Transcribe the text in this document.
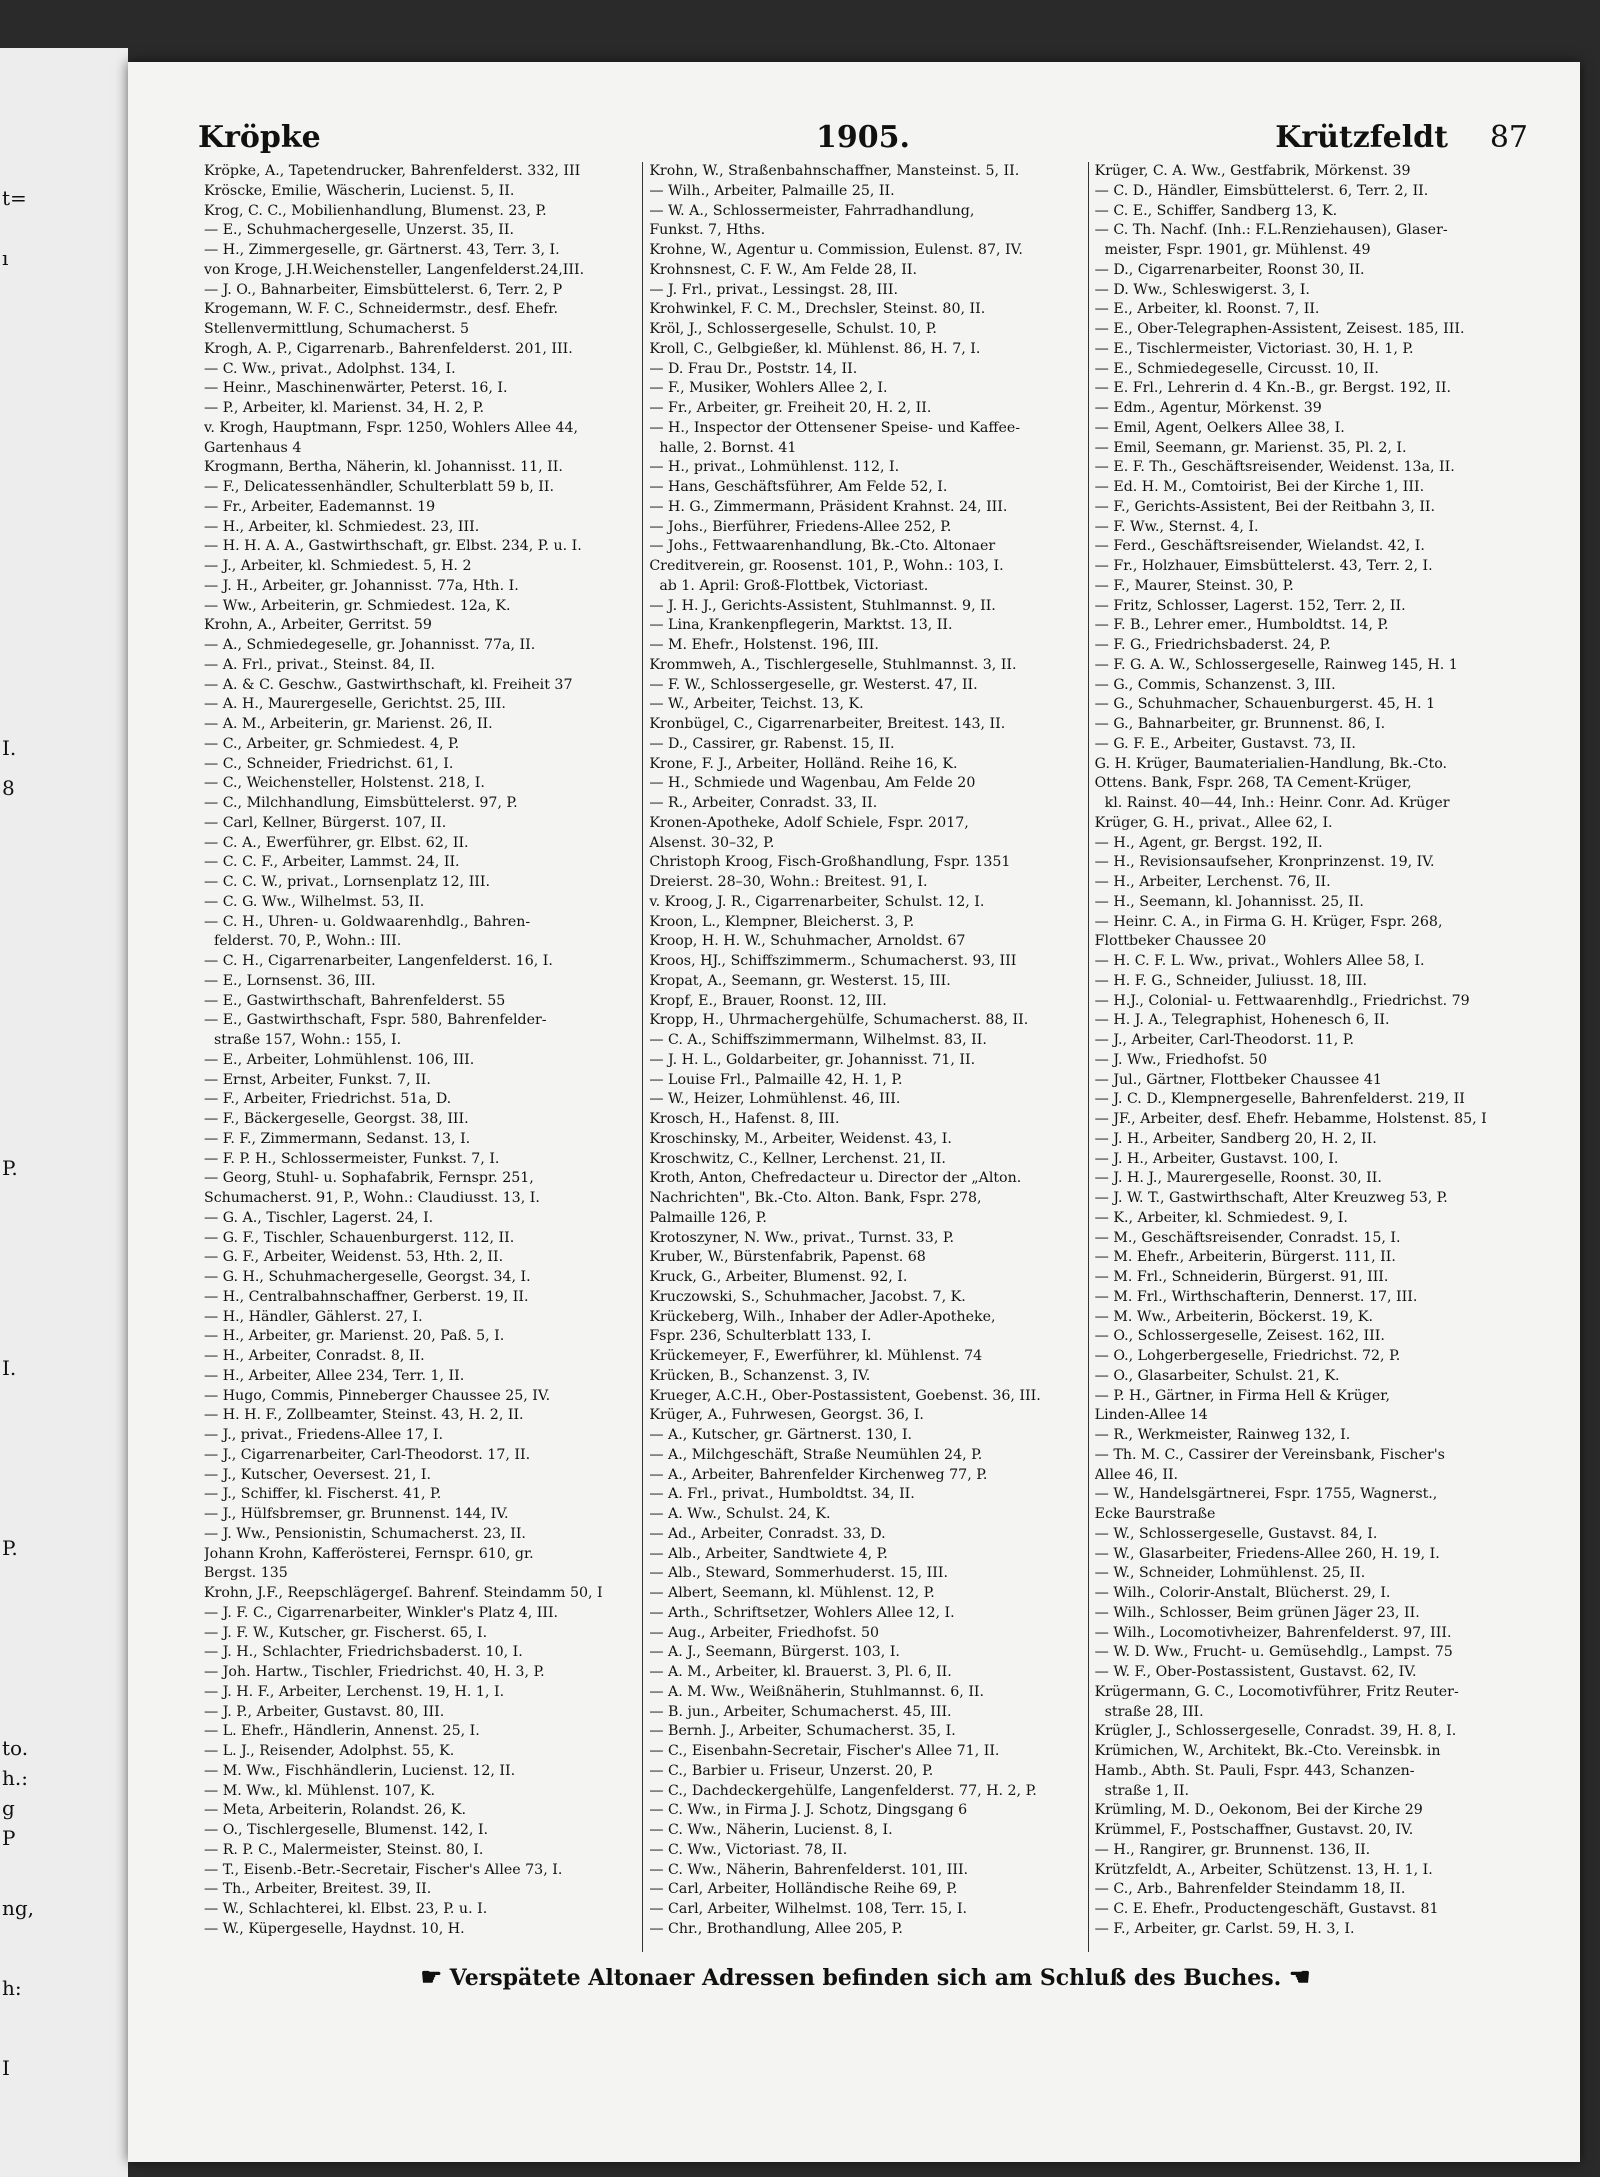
t=
ı
I.
8
P.
I.
P.
to.
h.:
g
P
ng,
h:
I
Kröpke	1905.	Krützfeldt 87
Kröpke, A., Tapetendrucker, Bahrenfelderst. 332, III
Kröscke, Emilie, Wäscherin, Lucienst. 5, II.
Krog, C. C., Mobilienhandlung, Blumenst. 23, P.
— E., Schuhmachergeselle, Unzerst. 35, II.
— H., Zimmergeselle, gr. Gärtnerst. 43, Terr. 3, I.
von Kroge, J.H.Weichensteller, Langenfelderst.24,III.
— J. O., Bahnarbeiter, Eimsbüttelerst. 6, Terr. 2, P
Krogemann, W. F. C., Schneidermstr., desf. Ehefr.
Stellenvermittlung, Schumacherst. 5
Krogh, A. P., Cigarrenarb., Bahrenfelderst. 201, III.
— C. Ww., privat., Adolphst. 134, I.
— Heinr., Maschinenwärter, Peterst. 16, I.
— P., Arbeiter, kl. Marienst. 34, H. 2, P.
v. Krogh, Hauptmann, Fspr. 1250, Wohlers Allee 44,
Gartenhaus 4
Krogmann, Bertha, Näherin, kl. Johannisst. 11, II.
— F., Delicatessenhändler, Schulterblatt 59 b, II.
— Fr., Arbeiter, Eademannst. 19
— H., Arbeiter, kl. Schmiedest. 23, III.
— H. H. A. A., Gastwirthschaft, gr. Elbst. 234, P. u. I.
— J., Arbeiter, kl. Schmiedest. 5, H. 2
— J. H., Arbeiter, gr. Johannisst. 77a, Hth. I.
— Ww., Arbeiterin, gr. Schmiedest. 12a, K.
Krohn, A., Arbeiter, Gerritst. 59
— A., Schmiedegeselle, gr. Johannisst. 77a, II.
— A. Frl., privat., Steinst. 84, II.
— A. & C. Geschw., Gastwirthschaft, kl. Freiheit 37
— A. H., Maurergeselle, Gerichtst. 25, III.
— A. M., Arbeiterin, gr. Marienst. 26, II.
— C., Arbeiter, gr. Schmiedest. 4, P.
— C., Schneider, Friedrichst. 61, I.
— C., Weichensteller, Holstenst. 218, I.
— C., Milchhandlung, Eimsbüttelerst. 97, P.
— Carl, Kellner, Bürgerst. 107, II.
— C. A., Ewerführer, gr. Elbst. 62, II.
— C. C. F., Arbeiter, Lammst. 24, II.
— C. C. W., privat., Lornsenplatz 12, III.
— C. G. Ww., Wilhelmst. 53, II.
— C. H., Uhren- u. Goldwaarenhdlg., Bahren-
felderst. 70, P., Wohn.: III.
— C. H., Cigarrenarbeiter, Langenfelderst. 16, I.
— E., Lornsenst. 36, III.
— E., Gastwirthschaft, Bahrenfelderst. 55
— E., Gastwirthschaft, Fspr. 580, Bahrenfelder-
straße 157, Wohn.: 155, I.
— E., Arbeiter, Lohmühlenst. 106, III.
— Ernst, Arbeiter, Funkst. 7, II.
— F., Arbeiter, Friedrichst. 51a, D.
— F., Bäckergeselle, Georgst. 38, III.
— F. F., Zimmermann, Sedanst. 13, I.
— F. P. H., Schlossermeister, Funkst. 7, I.
— Georg, Stuhl- u. Sophafabrik, Fernspr. 251,
Schumacherst. 91, P., Wohn.: Claudiusst. 13, I.
— G. A., Tischler, Lagerst. 24, I.
— G. F., Tischler, Schauenburgerst. 112, II.
— G. F., Arbeiter, Weidenst. 53, Hth. 2, II.
— G. H., Schuhmachergeselle, Georgst. 34, I.
— H., Centralbahnschaffner, Gerberst. 19, II.
— H., Händler, Gählerst. 27, I.
— H., Arbeiter, gr. Marienst. 20, Paß. 5, I.
— H., Arbeiter, Conradst. 8, II.
— H., Arbeiter, Allee 234, Terr. 1, II.
— Hugo, Commis, Pinneberger Chaussee 25, IV.
— H. H. F., Zollbeamter, Steinst. 43, H. 2, II.
— J., privat., Friedens-Allee 17, I.
— J., Cigarrenarbeiter, Carl-Theodorst. 17, II.
— J., Kutscher, Oeversest. 21, I.
— J., Schiffer, kl. Fischerst. 41, P.
— J., Hülfsbremser, gr. Brunnenst. 144, IV.
— J. Ww., Pensionistin, Schumacherst. 23, II.
Johann Krohn, Kafferösterei, Fernspr. 610, gr.
Bergst. 135
Krohn, J.F., Reepschlägergeſ. Bahrenf. Steindamm 50, I
— J. F. C., Cigarrenarbeiter, Winkler's Platz 4, III.
— J. F. W., Kutscher, gr. Fischerst. 65, I.
— J. H., Schlachter, Friedrichsbaderst. 10, I.
— Joh. Hartw., Tischler, Friedrichst. 40, H. 3, P.
— J. H. F., Arbeiter, Lerchenst. 19, H. 1, I.
— J. P., Arbeiter, Gustavst. 80, III.
— L. Ehefr., Händlerin, Annenst. 25, I.
— L. J., Reisender, Adolphst. 55, K.
— M. Ww., Fischhändlerin, Lucienst. 12, II.
— M. Ww., kl. Mühlenst. 107, K.
— Meta, Arbeiterin, Rolandst. 26, K.
— O., Tischlergeselle, Blumenst. 142, I.
— R. P. C., Malermeister, Steinst. 80, I.
— T., Eisenb.-Betr.-Secretair, Fischer's Allee 73, I.
— Th., Arbeiter, Breitest. 39, II.
— W., Schlachterei, kl. Elbst. 23, P. u. I.
— W., Küpergeselle, Haydnst. 10, H.
Krohn, W., Straßenbahnschaffner, Mansteinst. 5, II.
— Wilh., Arbeiter, Palmaille 25, II.
— W. A., Schlossermeister, Fahrradhandlung,
Funkst. 7, Hths.
Krohne, W., Agentur u. Commission, Eulenst. 87, IV.
Krohnsnest, C. F. W., Am Felde 28, II.
— J. Frl., privat., Lessingst. 28, III.
Krohwinkel, F. C. M., Drechsler, Steinst. 80, II.
Kröl, J., Schlossergeselle, Schulst. 10, P.
Kroll, C., Gelbgießer, kl. Mühlenst. 86, H. 7, I.
— D. Frau Dr., Poststr. 14, II.
— F., Musiker, Wohlers Allee 2, I.
— Fr., Arbeiter, gr. Freiheit 20, H. 2, II.
— H., Inspector der Ottensener Speise- und Kaffee-
halle, 2. Bornst. 41
— H., privat., Lohmühlenst. 112, I.
— Hans, Geschäftsführer, Am Felde 52, I.
— H. G., Zimmermann, Präsident Krahnst. 24, III.
— Johs., Bierführer, Friedens-Allee 252, P.
— Johs., Fettwaarenhandlung, Bk.-Cto. Altonaer
Creditverein, gr. Roosenst. 101, P., Wohn.: 103, I.
ab 1. April: Groß-Flottbek, Victoriast.
— J. H. J., Gerichts-Assistent, Stuhlmannst. 9, II.
— Lina, Krankenpflegerin, Marktst. 13, II.
— M. Ehefr., Holstenst. 196, III.
Krommweh, A., Tischlergeselle, Stuhlmannst. 3, II.
— F. W., Schlossergeselle, gr. Westerst. 47, II.
— W., Arbeiter, Teichst. 13, K.
Kronbügel, C., Cigarrenarbeiter, Breitest. 143, II.
— D., Cassirer, gr. Rabenst. 15, II.
Krone, F. J., Arbeiter, Holländ. Reihe 16, K.
— H., Schmiede und Wagenbau, Am Felde 20
— R., Arbeiter, Conradst. 33, II.
Kronen-Apotheke, Adolf Schiele, Fspr. 2017,
Alsenst. 30–32, P.
Christoph Kroog, Fisch-Großhandlung, Fspr. 1351
Dreierst. 28–30, Wohn.: Breitest. 91, I.
v. Kroog, J. R., Cigarrenarbeiter, Schulst. 12, I.
Kroon, L., Klempner, Bleicherst. 3, P.
Kroop, H. H. W., Schuhmacher, Arnoldst. 67
Kroos, HJ., Schiffszimmerm., Schumacherst. 93, III
Kropat, A., Seemann, gr. Westerst. 15, III.
Kropf, E., Brauer, Roonst. 12, III.
Kropp, H., Uhrmachergehülfe, Schumacherst. 88, II.
— C. A., Schiffszimmermann, Wilhelmst. 83, II.
— J. H. L., Goldarbeiter, gr. Johannisst. 71, II.
— Louise Frl., Palmaille 42, H. 1, P.
— W., Heizer, Lohmühlenst. 46, III.
Krosch, H., Hafenst. 8, III.
Kroschinsky, M., Arbeiter, Weidenst. 43, I.
Kroschwitz, C., Kellner, Lerchenst. 21, II.
Kroth, Anton, Chefredacteur u. Director der „Alton.
Nachrichten", Bk.-Cto. Alton. Bank, Fspr. 278,
Palmaille 126, P.
Krotoszyner, N. Ww., privat., Turnst. 33, P.
Kruber, W., Bürstenfabrik, Papenst. 68
Kruck, G., Arbeiter, Blumenst. 92, I.
Kruczowski, S., Schuhmacher, Jacobst. 7, K.
Krückeberg, Wilh., Inhaber der Adler-Apotheke,
Fspr. 236, Schulterblatt 133, I.
Krückemeyer, F., Ewerführer, kl. Mühlenst. 74
Krücken, B., Schanzenst. 3, IV.
Krueger, A.C.H., Ober-Postassistent, Goebenst. 36, III.
Krüger, A., Fuhrwesen, Georgst. 36, I.
— A., Kutscher, gr. Gärtnerst. 130, I.
— A., Milchgeschäft, Straße Neumühlen 24, P.
— A., Arbeiter, Bahrenfelder Kirchenweg 77, P.
— A. Frl., privat., Humboldtst. 34, II.
— A. Ww., Schulst. 24, K.
— Ad., Arbeiter, Conradst. 33, D.
— Alb., Arbeiter, Sandtwiete 4, P.
— Alb., Steward, Sommerhuderst. 15, III.
— Albert, Seemann, kl. Mühlenst. 12, P.
— Arth., Schriftsetzer, Wohlers Allee 12, I.
— Aug., Arbeiter, Friedhofst. 50
— A. J., Seemann, Bürgerst. 103, I.
— A. M., Arbeiter, kl. Brauerst. 3, Pl. 6, II.
— A. M. Ww., Weißnäherin, Stuhlmannst. 6, II.
— B. jun., Arbeiter, Schumacherst. 45, III.
— Bernh. J., Arbeiter, Schumacherst. 35, I.
— C., Eisenbahn-Secretair, Fischer's Allee 71, II.
— C., Barbier u. Friseur, Unzerst. 20, P.
— C., Dachdeckergehülfe, Langenfelderst. 77, H. 2, P.
— C. Ww., in Firma J. J. Schotz, Dingsgang 6
— C. Ww., Näherin, Lucienst. 8, I.
— C. Ww., Victoriast. 78, II.
— C. Ww., Näherin, Bahrenfelderst. 101, III.
— Carl, Arbeiter, Holländische Reihe 69, P.
— Carl, Arbeiter, Wilhelmst. 108, Terr. 15, I.
— Chr., Brothandlung, Allee 205, P.
Krüger, C. A. Ww., Gestfabrik, Mörkenst. 39
— C. D., Händler, Eimsbüttelerst. 6, Terr. 2, II.
— C. E., Schiffer, Sandberg 13, K.
— C. Th. Nachf. (Inh.: F.L.Renziehausen), Glaser-
meister, Fspr. 1901, gr. Mühlenst. 49
— D., Cigarrenarbeiter, Roonst 30, II.
— D. Ww., Schleswigerst. 3, I.
— E., Arbeiter, kl. Roonst. 7, II.
— E., Ober-Telegraphen-Assistent, Zeisest. 185, III.
— E., Tischlermeister, Victoriast. 30, H. 1, P.
— E., Schmiedegeselle, Circusst. 10, II.
— E. Frl., Lehrerin d. 4 Kn.-B., gr. Bergst. 192, II.
— Edm., Agentur, Mörkenst. 39
— Emil, Agent, Oelkers Allee 38, I.
— Emil, Seemann, gr. Marienst. 35, Pl. 2, I.
— E. F. Th., Geschäftsreisender, Weidenst. 13a, II.
— Ed. H. M., Comtoirist, Bei der Kirche 1, III.
— F., Gerichts-Assistent, Bei der Reitbahn 3, II.
— F. Ww., Sternst. 4, I.
— Ferd., Geschäftsreisender, Wielandst. 42, I.
— Fr., Holzhauer, Eimsbüttelerst. 43, Terr. 2, I.
— F., Maurer, Steinst. 30, P.
— Fritz, Schlosser, Lagerst. 152, Terr. 2, II.
— F. B., Lehrer emer., Humboldtst. 14, P.
— F. G., Friedrichsbaderst. 24, P.
— F. G. A. W., Schlossergeselle, Rainweg 145, H. 1
— G., Commis, Schanzenst. 3, III.
— G., Schuhmacher, Schauenburgerst. 45, H. 1
— G., Bahnarbeiter, gr. Brunnenst. 86, I.
— G. F. E., Arbeiter, Gustavst. 73, II.
G. H. Krüger, Baumaterialien-Handlung, Bk.-Cto.
Ottens. Bank, Fspr. 268, TA Cement-Krüger,
kl. Rainst. 40—44, Inh.: Heinr. Conr. Ad. Krüger
Krüger, G. H., privat., Allee 62, I.
— H., Agent, gr. Bergst. 192, II.
— H., Revisionsaufseher, Kronprinzenst. 19, IV.
— H., Arbeiter, Lerchenst. 76, II.
— H., Seemann, kl. Johannisst. 25, II.
— Heinr. C. A., in Firma G. H. Krüger, Fspr. 268,
Flottbeker Chaussee 20
— H. C. F. L. Ww., privat., Wohlers Allee 58, I.
— H. F. G., Schneider, Juliusst. 18, III.
— H.J., Colonial- u. Fettwaarenhdlg., Friedrichst. 79
— H. J. A., Telegraphist, Hohenesch 6, II.
— J., Arbeiter, Carl-Theodorst. 11, P.
— J. Ww., Friedhofst. 50
— Jul., Gärtner, Flottbeker Chaussee 41
— J. C. D., Klempnergeselle, Bahrenfelderst. 219, II
— JF., Arbeiter, desf. Ehefr. Hebamme, Holstenst. 85, I
— J. H., Arbeiter, Sandberg 20, H. 2, II.
— J. H., Arbeiter, Gustavst. 100, I.
— J. H. J., Maurergeselle, Roonst. 30, II.
— J. W. T., Gastwirthschaft, Alter Kreuzweg 53, P.
— K., Arbeiter, kl. Schmiedest. 9, I.
— M., Geschäftsreisender, Conradst. 15, I.
— M. Ehefr., Arbeiterin, Bürgerst. 111, II.
— M. Frl., Schneiderin, Bürgerst. 91, III.
— M. Frl., Wirthschafterin, Dennerst. 17, III.
— M. Ww., Arbeiterin, Böckerst. 19, K.
— O., Schlossergeselle, Zeisest. 162, III.
— O., Lohgerbergeselle, Friedrichst. 72, P.
— O., Glasarbeiter, Schulst. 21, K.
— P. H., Gärtner, in Firma Hell & Krüger,
Linden-Allee 14
— R., Werkmeister, Rainweg 132, I.
— Th. M. C., Cassirer der Vereinsbank, Fischer's
Allee 46, II.
— W., Handelsgärtnerei, Fspr. 1755, Wagnerst.,
Ecke Baurstraße
— W., Schlossergeselle, Gustavst. 84, I.
— W., Glasarbeiter, Friedens-Allee 260, H. 19, I.
— W., Schneider, Lohmühlenst. 25, II.
— Wilh., Colorir-Anstalt, Blücherst. 29, I.
— Wilh., Schlosser, Beim grünen Jäger 23, II.
— Wilh., Locomotivheizer, Bahrenfelderst. 97, III.
— W. D. Ww., Frucht- u. Gemüsehdlg., Lampst. 75
— W. F., Ober-Postassistent, Gustavst. 62, IV.
Krügermann, G. C., Locomotivführer, Fritz Reuter-
straße 28, III.
Krügler, J., Schlossergeselle, Conradst. 39, H. 8, I.
Krümichen, W., Architekt, Bk.-Cto. Vereinsbk. in
Hamb., Abth. St. Pauli, Fspr. 443, Schanzen-
straße 1, II.
Krümling, M. D., Oekonom, Bei der Kirche 29
Krümmel, F., Postschaffner, Gustavst. 20, IV.
— H., Rangirer, gr. Brunnenst. 136, II.
Krützfeldt, A., Arbeiter, Schützenst. 13, H. 1, I.
— C., Arb., Bahrenfelder Steindamm 18, II.
— C. E. Ehefr., Productengeschäft, Gustavst. 81
— F., Arbeiter, gr. Carlst. 59, H. 3, I.
☛ Verspätete Altonaer Adressen befinden sich am Schluß des Buches. ☚
